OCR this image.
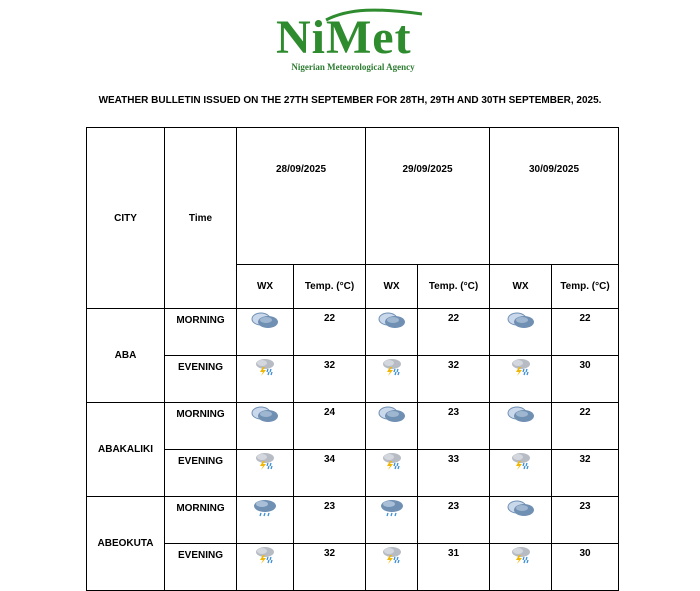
NiMet
Nigerian Meteorological Agency
WEATHER BULLETIN ISSUED ON THE 27TH SEPTEMBER FOR 28TH, 29TH AND 30TH SEPTEMBER, 2025.
CITY	Time	28/09/2025		29/09/2025		30/09/2025	
		WX	Temp. (°C)	WX	Temp. (°C)	WX	Temp. (°C)
ABA	MORNING		22		22		22
	EVENING		32		32		30
ABAKALIKI	MORNING		24		23		22
	EVENING		34		33		32
ABEOKUTA	MORNING		23		23		23
	EVENING		32		31		30
